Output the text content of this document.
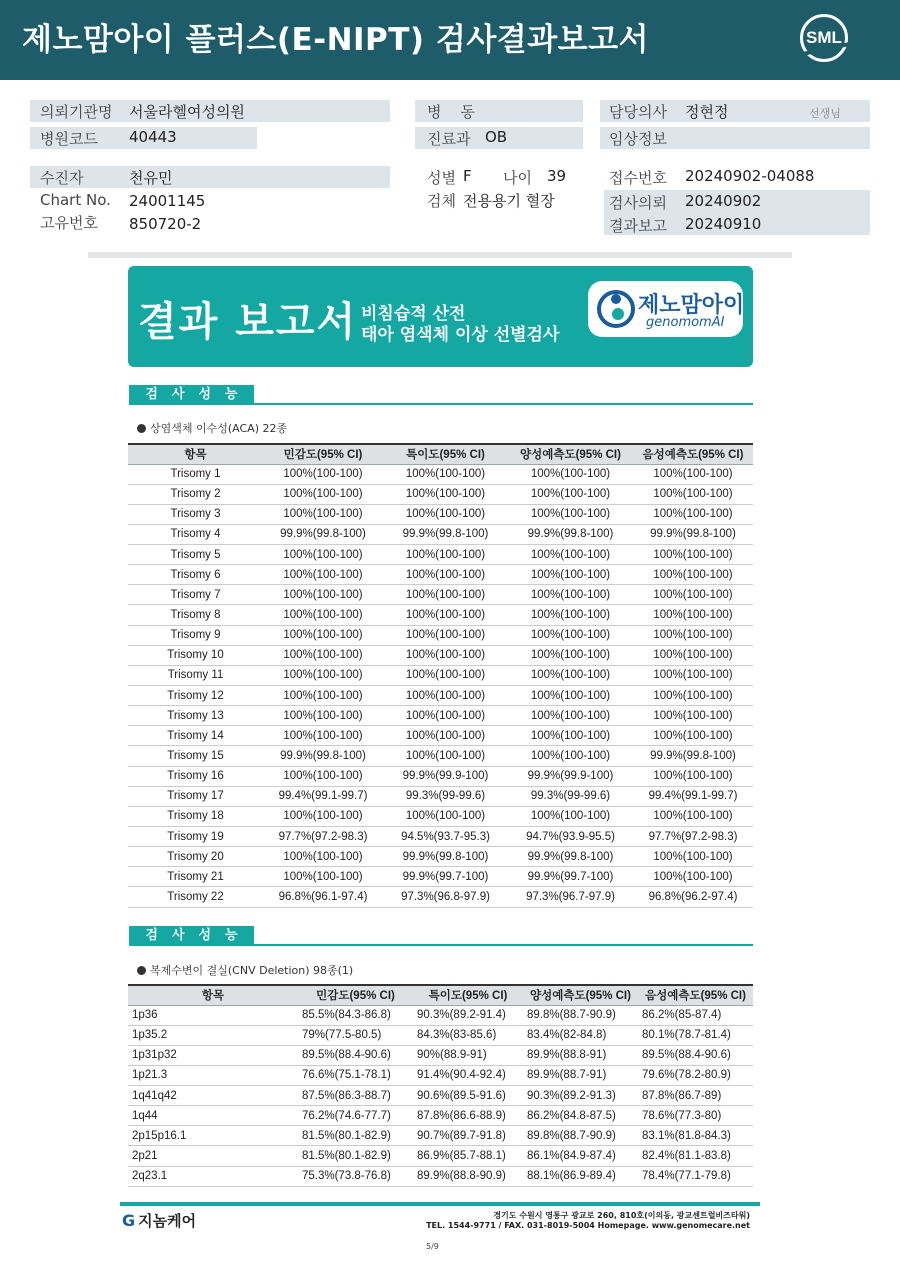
제노맘아이 플러스(E-NIPT) 검사결과보고서	SML
의뢰기관명 서울라헬여성의원
병원코드 40443
병    동
진료과 OB
담당의사 정현정	선생님
임상정보
수진자	천유민
Chart No. 24001145
고유번호 850720-2
성별 F 나이 39
검체 전용용기 혈장
접수번호 20240902-04088
검사의뢰 20240902
결과보고 20240910
결과 보고서 비침습적 산전
태아 염색체 이상 선별검사
제노맘아이
genomomAI
검사성능
상염색체 이수성(ACA) 22종
항목	민감도(95% CI)	특이도(95% CI)	양성예측도(95% CI)	음성예측도(95% CI)
Trisomy 1	100%(100-100)	100%(100-100)	100%(100-100)	100%(100-100)
Trisomy 2	100%(100-100)	100%(100-100)	100%(100-100)	100%(100-100)
Trisomy 3	100%(100-100)	100%(100-100)	100%(100-100)	100%(100-100)
Trisomy 4	99.9%(99.8-100)	99.9%(99.8-100)	99.9%(99.8-100)	99.9%(99.8-100)
Trisomy 5	100%(100-100)	100%(100-100)	100%(100-100)	100%(100-100)
Trisomy 6	100%(100-100)	100%(100-100)	100%(100-100)	100%(100-100)
Trisomy 7	100%(100-100)	100%(100-100)	100%(100-100)	100%(100-100)
Trisomy 8	100%(100-100)	100%(100-100)	100%(100-100)	100%(100-100)
Trisomy 9	100%(100-100)	100%(100-100)	100%(100-100)	100%(100-100)
Trisomy 10	100%(100-100)	100%(100-100)	100%(100-100)	100%(100-100)
Trisomy 11	100%(100-100)	100%(100-100)	100%(100-100)	100%(100-100)
Trisomy 12	100%(100-100)	100%(100-100)	100%(100-100)	100%(100-100)
Trisomy 13	100%(100-100)	100%(100-100)	100%(100-100)	100%(100-100)
Trisomy 14	100%(100-100)	100%(100-100)	100%(100-100)	100%(100-100)
Trisomy 15	99.9%(99.8-100)	100%(100-100)	100%(100-100)	99.9%(99.8-100)
Trisomy 16	100%(100-100)	99.9%(99.9-100)	99.9%(99.9-100)	100%(100-100)
Trisomy 17	99.4%(99.1-99.7)	99.3%(99-99.6)	99.3%(99-99.6)	99.4%(99.1-99.7)
Trisomy 18	100%(100-100)	100%(100-100)	100%(100-100)	100%(100-100)
Trisomy 19	97.7%(97.2-98.3)	94.5%(93.7-95.3)	94.7%(93.9-95.5)	97.7%(97.2-98.3)
Trisomy 20	100%(100-100)	99.9%(99.8-100)	99.9%(99.8-100)	100%(100-100)
Trisomy 21	100%(100-100)	99.9%(99.7-100)	99.9%(99.7-100)	100%(100-100)
Trisomy 22	96.8%(96.1-97.4)	97.3%(96.8-97.9)	97.3%(96.7-97.9)	96.8%(96.2-97.4)
검사성능
복제수변이 결실(CNV Deletion) 98종(1)
항목	민감도(95% CI)	특이도(95% CI)	양성예측도(95% CI)	음성예측도(95% CI)
1p36	85.5%(84.3-86.8)	90.3%(89.2-91.4)	89.8%(88.7-90.9)	86.2%(85-87.4)
1p35.2	79%(77.5-80.5)	84.3%(83-85.6)	83.4%(82-84.8)	80.1%(78.7-81.4)
1p31p32	89.5%(88.4-90.6)	90%(88.9-91)	89.9%(88.8-91)	89.5%(88.4-90.6)
1p21.3	76.6%(75.1-78.1)	91.4%(90.4-92.4)	89.9%(88.7-91)	79.6%(78.2-80.9)
1q41q42	87.5%(86.3-88.7)	90.6%(89.5-91.6)	90.3%(89.2-91.3)	87.8%(86.7-89)
1q44	76.2%(74.6-77.7)	87.8%(86.6-88.9)	86.2%(84.8-87.5)	78.6%(77.3-80)
2p15p16.1	81.5%(80.1-82.9)	90.7%(89.7-91.8)	89.8%(88.7-90.9)	83.1%(81.8-84.3)
2p21	81.5%(80.1-82.9)	86.9%(85.7-88.1)	86.1%(84.9-87.4)	82.4%(81.1-83.8)
2q23.1	75.3%(73.8-76.8)	89.9%(88.8-90.9)	88.1%(86.9-89.4)	78.4%(77.1-79.8)
G 지놈케어	경기도 수원시 영통구 광교로 260, 810호(이의동, 광교센트럴비즈타워)
TEL. 1544-9771 / FAX. 031-8019-5004 Homepage. www.genomecare.net
5/9
